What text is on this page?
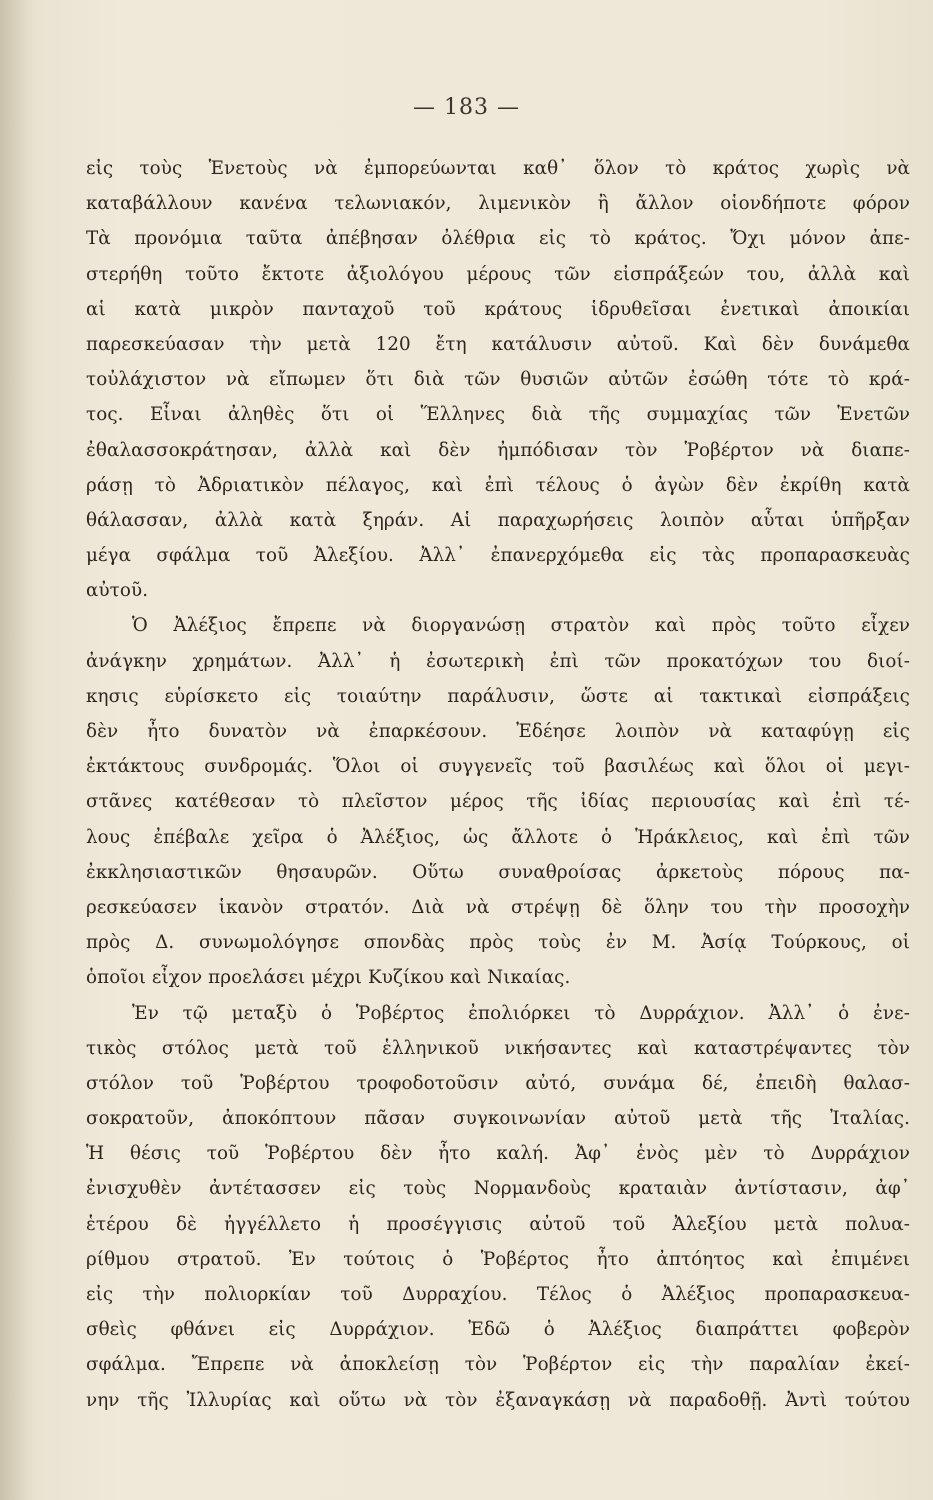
— 183 —
εἰς τοὺς Ἑνετοὺς νὰ ἐμπορεύωνται καθ᾿ ὅλον τὸ κράτος χωρὶς νὰ
καταβάλλουν κανένα τελωνιακόν, λιμενικὸν ἢ ἄλλον οἱονδήποτε φόρον
Τὰ προνόμια ταῦτα ἀπέβησαν ὀλέθρια εἰς τὸ κράτος. Ὄχι μόνον ἀπε-
στερήθη τοῦτο ἔκτοτε ἀξιολόγου μέρους τῶν εἰσπράξεών του, ἀλλὰ καὶ
αἱ κατὰ μικρὸν πανταχοῦ τοῦ κράτους ἱδρυθεῖσαι ἐνετικαὶ ἀποικίαι
παρεσκεύασαν τὴν μετὰ 120 ἔτη κατάλυσιν αὐτοῦ. Καὶ δὲν δυνάμεθα
τοὐλάχιστον νὰ εἴπωμεν ὅτι διὰ τῶν θυσιῶν αὐτῶν ἐσώθη τότε τὸ κρά-
τος. Εἶναι ἀληθὲς ὅτι οἱ Ἕλληνες διὰ τῆς συμμαχίας τῶν Ἑνετῶν
ἐθαλασσοκράτησαν, ἀλλὰ καὶ δὲν ἠμπόδισαν τὸν Ῥοβέρτον νὰ διαπε-
ράσῃ τὸ Ἀδριατικὸν πέλαγος, καὶ ἐπὶ τέλους ὁ ἀγὼν δὲν ἐκρίθη κατὰ
θάλασσαν, ἀλλὰ κατὰ ξηράν. Αἱ παραχωρήσεις λοιπὸν αὗται ὑπῆρξαν
μέγα σφάλμα τοῦ Ἀλεξίου. Ἀλλ᾿ ἐπανερχόμεθα εἰς τὰς προπαρασκευὰς
αὐτοῦ.
Ὁ Ἀλέξιος ἔπρεπε νὰ διοργανώσῃ στρατὸν καὶ πρὸς τοῦτο εἶχεν
ἀνάγκην χρημάτων. Ἀλλ᾿ ἡ ἐσωτερικὴ ἐπὶ τῶν προκατόχων του διοί-
κησις εὑρίσκετο εἰς τοιαύτην παράλυσιν, ὥστε αἱ τακτικαὶ εἰσπράξεις
δὲν ἦτο δυνατὸν νὰ ἐπαρκέσουν. Ἐδέησε λοιπὸν νὰ καταφύγῃ εἰς
ἐκτάκτους συνδρομάς. Ὅλοι οἱ συγγενεῖς τοῦ βασιλέως καὶ ὅλοι οἱ μεγι-
στᾶνες κατέθεσαν τὸ πλεῖστον μέρος τῆς ἰδίας περιουσίας καὶ ἐπὶ τέ-
λους ἐπέβαλε χεῖρα ὁ Ἀλέξιος, ὡς ἄλλοτε ὁ Ἡράκλειος, καὶ ἐπὶ τῶν
ἐκκλησιαστικῶν θησαυρῶν. Οὕτω συναθροίσας ἀρκετοὺς πόρους πα-
ρεσκεύασεν ἱκανὸν στρατόν. Διὰ νὰ στρέψῃ δὲ ὅλην του τὴν προσοχὴν
πρὸς Δ. συνωμολόγησε σπονδὰς πρὸς τοὺς ἐν Μ. Ἀσίᾳ Τούρκους, οἱ
ὁποῖοι εἶχον προελάσει μέχρι Κυζίκου καὶ Νικαίας.
Ἐν τῷ μεταξὺ ὁ Ῥοβέρτος ἐπολιόρκει τὸ Δυρράχιον. Ἀλλ᾿ ὁ ἐνε-
τικὸς στόλος μετὰ τοῦ ἑλληνικοῦ νικήσαντες καὶ καταστρέψαντες τὸν
στόλον τοῦ Ῥοβέρτου τροφοδοτοῦσιν αὐτό, συνάμα δέ, ἐπειδὴ θαλασ-
σοκρατοῦν, ἀποκόπτουν πᾶσαν συγκοινωνίαν αὐτοῦ μετὰ τῆς Ἰταλίας.
Ἡ θέσις τοῦ Ῥοβέρτου δὲν ἦτο καλή. Ἀφ᾿ ἑνὸς μὲν τὸ Δυρράχιον
ἐνισχυθὲν ἀντέτασσεν εἰς τοὺς Νορμανδοὺς κραταιὰν ἀντίστασιν, ἀφ᾿
ἑτέρου δὲ ἠγγέλλετο ἡ προσέγγισις αὐτοῦ τοῦ Ἀλεξίου μετὰ πολυα-
ρίθμου στρατοῦ. Ἐν τούτοις ὁ Ῥοβέρτος ἦτο ἀπτόητος καὶ ἐπιμένει
εἰς τὴν πολιορκίαν τοῦ Δυρραχίου. Τέλος ὁ Ἀλέξιος προπαρασκευα-
σθεὶς φθάνει εἰς Δυρράχιον. Ἐδῶ ὁ Ἀλέξιος διαπράττει φοβερὸν
σφάλμα. Ἔπρεπε νὰ ἀποκλείσῃ τὸν Ῥοβέρτον εἰς τὴν παραλίαν ἐκεί-
νην τῆς Ἰλλυρίας καὶ οὕτω νὰ τὸν ἐξαναγκάσῃ νὰ παραδοθῇ. Ἀντὶ τούτου
